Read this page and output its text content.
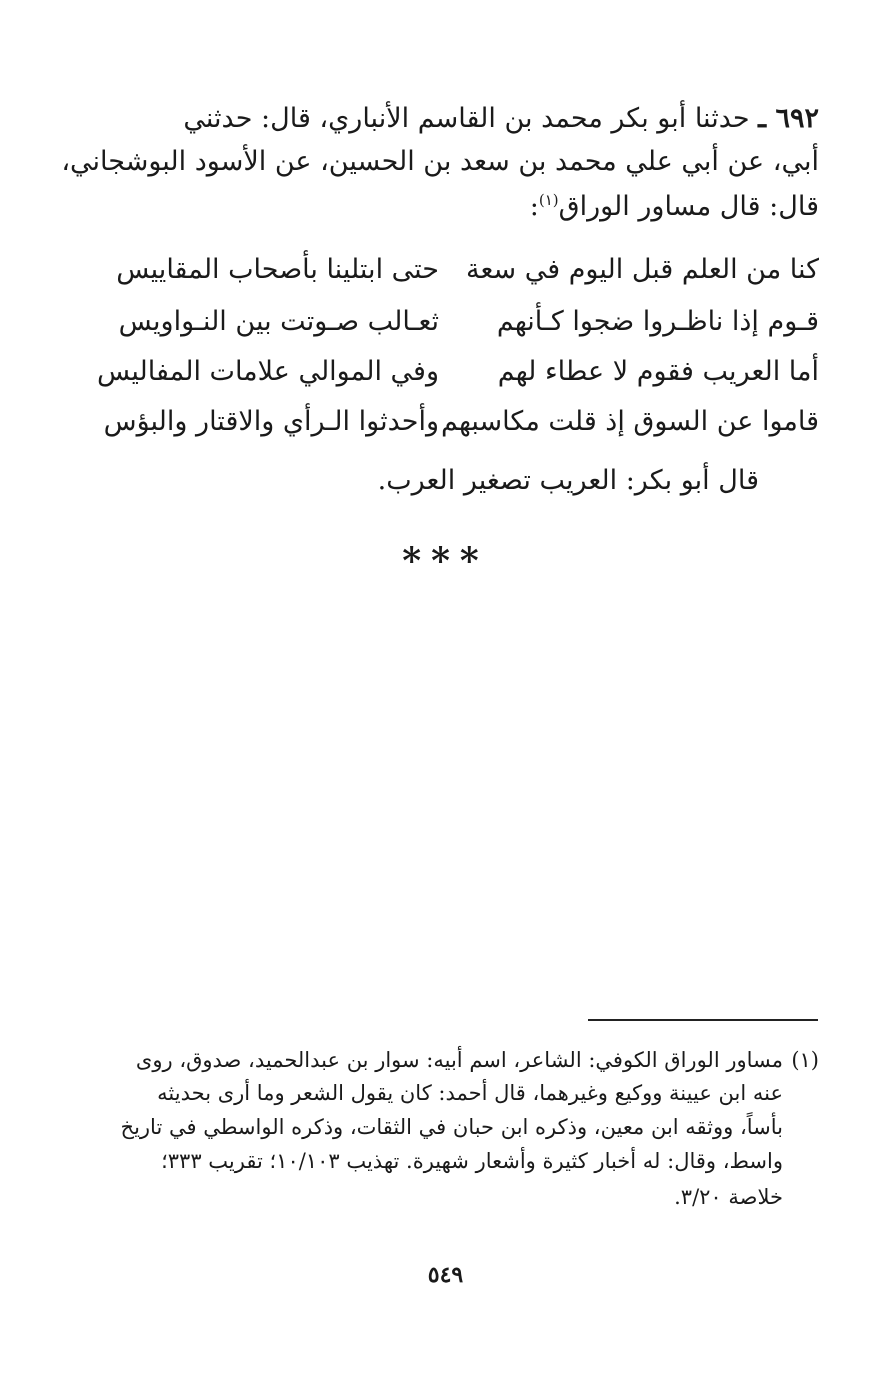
٦٩٢ ـ حدثنا أبو بكر محمد بن القاسم الأنباري، قال: حدثني
أبي، عن أبي علي محمد بن سعد بن الحسين، عن الأسود البوشجاني،
قال: قال مساور الوراق$^{(١)}$:
كنا من العلم قبل اليوم في سعة
حتى ابتلينا بأصحاب المقاييس
قـوم إذا ناظـروا ضجوا كـأنهم
ثعـالب صـوتت بين النـواويس
أما العريب فقوم لا عطاء لهم
وفي الموالي علامات المفاليس
قاموا عن السوق إذ قلت مكاسبهم
وأحدثوا الـرأي والاقتار والبؤس
قال أبو بكر: العريب تصغير العرب.
***
(١)
مساور الوراق الكوفي: الشاعر، اسم أبيه: سوار بن عبدالحميد، صدوق، روى
عنه ابن عيينة ووكيع وغيرهما، قال أحمد: كان يقول الشعر وما أرى بحديثه
بأساً، ووثقه ابن معين، وذكره ابن حبان في الثقات، وذكره الواسطي في تاريخ
واسط، وقال: له أخبار كثيرة وأشعار شهيرة. تهذيب ١٠/١٠٣؛ تقريب ٣٣٣؛
خلاصة ٣/٢٠.
٥٤٩
